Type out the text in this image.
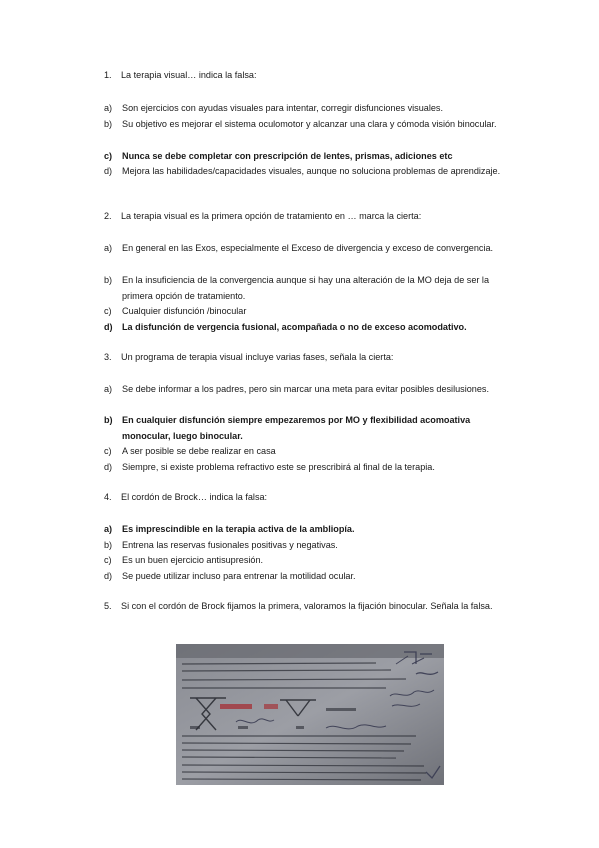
1. La terapia visual… indica la falsa:
a) Son ejercicios con ayudas visuales para intentar, corregir disfunciones visuales.
b) Su objetivo es mejorar el sistema oculomotor y alcanzar una clara y cómoda visión binocular.
c) Nunca se debe completar con prescripción de lentes, prismas, adiciones etc
d) Mejora las habilidades/capacidades visuales, aunque no soluciona problemas de aprendizaje.
2. La terapia visual es la primera opción de tratamiento en … marca la cierta:
a) En general en las Exos, especialmente el Exceso de divergencia y exceso de convergencia.
b) En la insuficiencia de la convergencia aunque si hay una alteración de la MO deja de ser la primera opción de tratamiento.
c) Cualquier disfunción /binocular
d) La disfunción de vergencia fusional, acompañada o no de exceso acomodativo.
3. Un programa de terapia visual incluye varias fases, señala la cierta:
a) Se debe informar a los padres, pero sin marcar una meta para evitar posibles desilusiones.
b) En cualquier disfunción siempre empezaremos por MO y flexibilidad acomoativa monocular, luego binocular.
c) A ser posible se debe realizar en casa
d) Siempre, si existe problema refractivo este se prescribirá al final de la terapia.
4. El cordón de Brock… indica la falsa:
a) Es imprescindible en la terapia activa de la ambliopía.
b) Entrena las reservas fusionales positivas y negativas.
c) Es un buen ejercicio antisupresión.
d) Se puede utilizar incluso para entrenar la motilidad ocular.
5. Si con el cordón de Brock fijamos la primera, valoramos la fijación binocular. Señala la falsa.
